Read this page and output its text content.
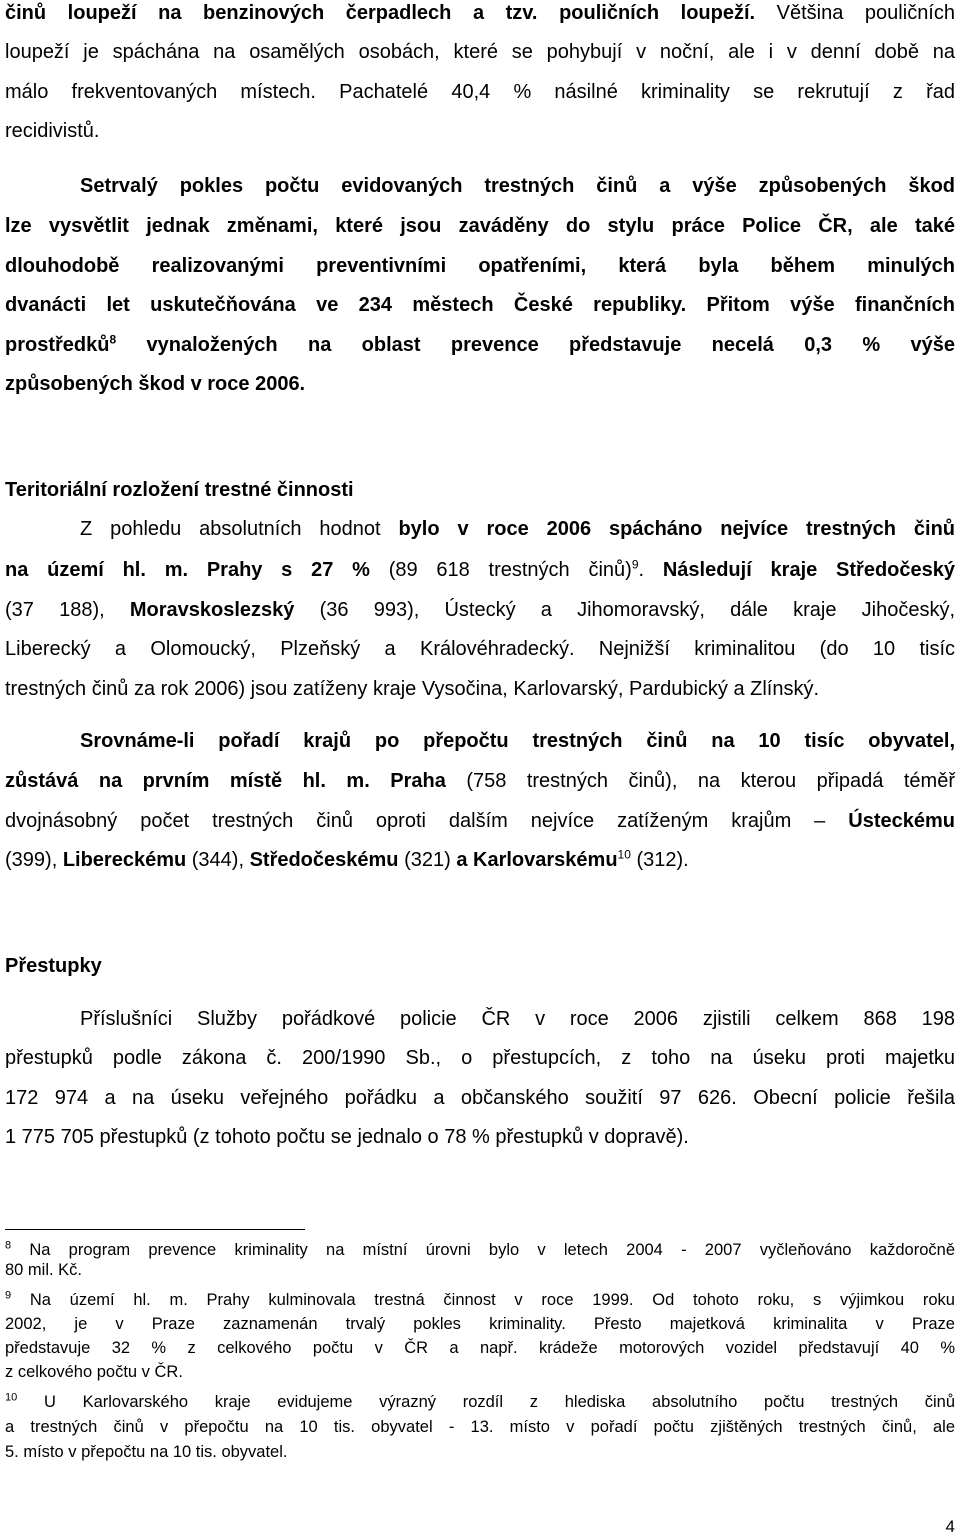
činů loupeží na benzinových čerpadlech a tzv. pouličních loupeží. Většina pouličních
loupeží je spáchána na osamělých osobách, které se pohybují v noční, ale i v denní době na
málo frekventovaných místech. Pachatelé 40,4 % násilné kriminality se rekrutují z řad
recidivistů.
Setrvalý pokles počtu evidovaných trestných činů a výše způsobených škod
lze vysvětlit jednak změnami, které jsou zaváděny do stylu práce Police ČR, ale také
dlouhodobě realizovanými preventivními opatřeními, která byla během minulých
dvanácti let uskutečňována ve 234 městech České republiky. Přitom výše finančních
prostředků$^8$ vynaložených na oblast prevence představuje necelá 0,3 % výše
způsobených škod v roce 2006.
Teritoriální rozložení trestné činnosti
Z pohledu absolutních hodnot bylo v roce 2006 spácháno nejvíce trestných činů
na území hl. m. Prahy s 27 % (89 618 trestných činů)$^9$. Následují kraje Středočeský
(37 188), Moravskoslezský (36 993), Ústecký a Jihomoravský, dále kraje Jihočeský,
Liberecký a Olomoucký, Plzeňský a Královéhradecký. Nejnižší kriminalitou (do 10 tisíc
trestných činů za rok 2006) jsou zatíženy kraje Vysočina, Karlovarský, Pardubický a Zlínský.
Srovnáme-li pořadí krajů po přepočtu trestných činů na 10 tisíc obyvatel,
zůstává na prvním místě hl. m. Praha (758 trestných činů), na kterou připadá téměř
dvojnásobný počet trestných činů oproti dalším nejvíce zatíženým krajům – Ústeckému
(399), Libereckému (344), Středočeskému (321) a Karlovarskému$^{10}$ (312).
Přestupky
Příslušníci Služby pořádkové policie ČR v roce 2006 zjistili celkem 868 198
přestupků podle zákona č. 200/1990 Sb., o přestupcích, z toho na úseku proti majetku
172 974 a na úseku veřejného pořádku a občanského soužití 97 626. Obecní policie řešila
1 775 705 přestupků (z tohoto počtu se jednalo o 78 % přestupků v dopravě).
$^8$ Na program prevence kriminality na místní úrovni bylo v letech 2004 - 2007 vyčleňováno každoročně
80 mil. Kč.
$^9$ Na území hl. m. Prahy kulminovala trestná činnost v roce 1999. Od tohoto roku, s výjimkou roku
2002, je v Praze zaznamenán trvalý pokles kriminality. Přesto majetková kriminalita v Praze
představuje 32 % z celkového počtu v ČR a např. krádeže motorových vozidel představují 40 %
z celkového počtu v ČR.
$^{10}$ U Karlovarského kraje evidujeme výrazný rozdíl z hlediska absolutního počtu trestných činů
a trestných činů v přepočtu na 10 tis. obyvatel - 13. místo v pořadí počtu zjištěných trestných činů, ale
5. místo v přepočtu na 10 tis. obyvatel.
4
